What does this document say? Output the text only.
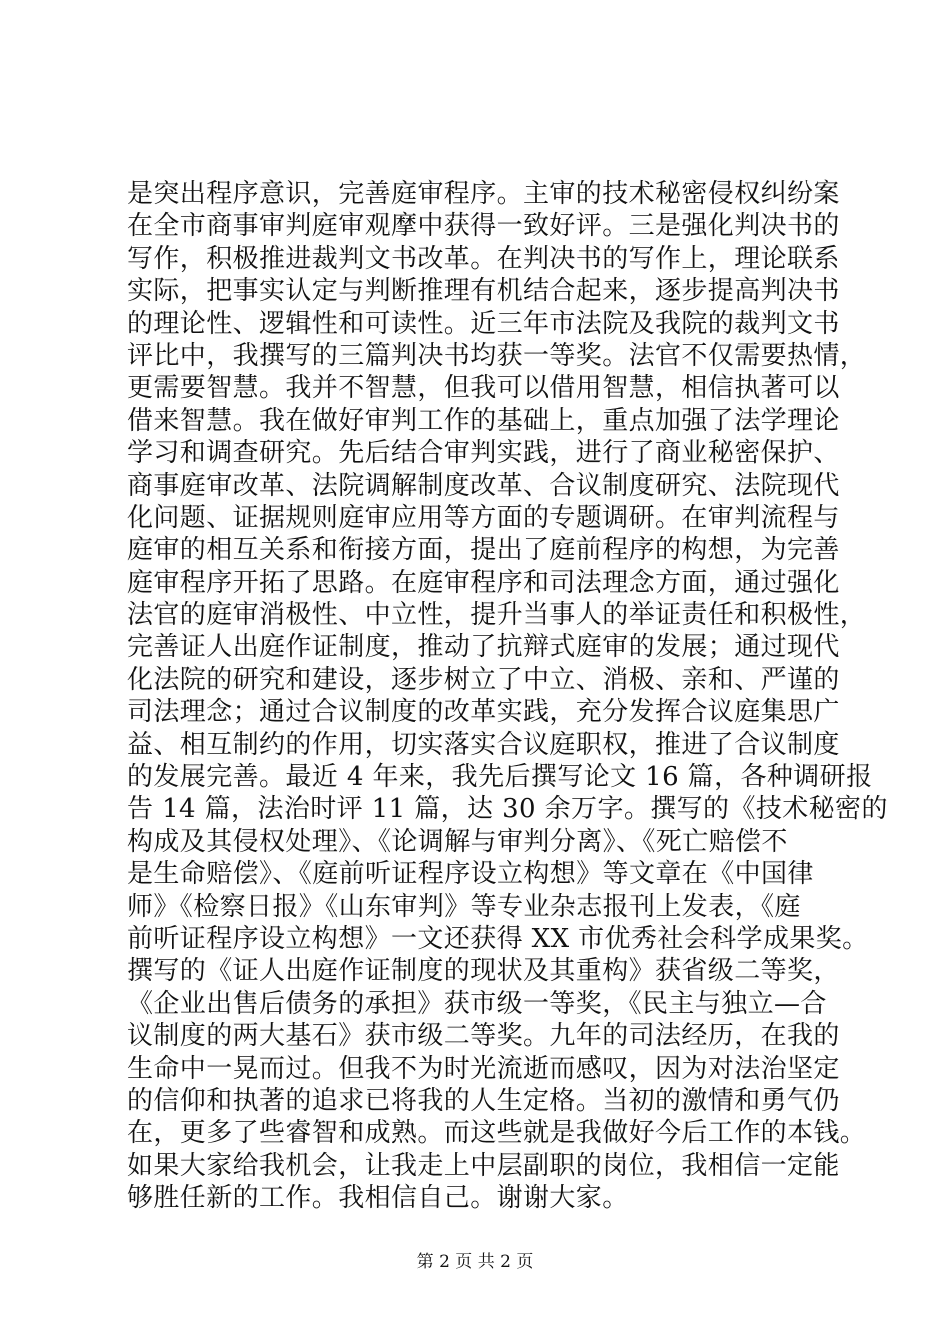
是突出程序意识，完善庭审程序。主审的技术秘密侵权纠纷案
在全市商事审判庭审观摩中获得一致好评。三是强化判决书的
写作，积极推进裁判文书改革。在判决书的写作上，理论联系
实际，把事实认定与判断推理有机结合起来，逐步提高判决书
的理论性、逻辑性和可读性。近三年市法院及我院的裁判文书
评比中，我撰写的三篇判决书均获一等奖。法官不仅需要热情，
更需要智慧。我并不智慧，但我可以借用智慧，相信执著可以
借来智慧。我在做好审判工作的基础上，重点加强了法学理论
学习和调查研究。先后结合审判实践，进行了商业秘密保护、
商事庭审改革、法院调解制度改革、合议制度研究、法院现代
化问题、证据规则庭审应用等方面的专题调研。在审判流程与
庭审的相互关系和衔接方面，提出了庭前程序的构想，为完善
庭审程序开拓了思路。在庭审程序和司法理念方面，通过强化
法官的庭审消极性、中立性，提升当事人的举证责任和积极性，
完善证人出庭作证制度，推动了抗辩式庭审的发展；通过现代
化法院的研究和建设，逐步树立了中立、消极、亲和、严谨的
司法理念；通过合议制度的改革实践，充分发挥合议庭集思广
益、相互制约的作用，切实落实合议庭职权，推进了合议制度
的发展完善。最近 4 年来，我先后撰写论文 16 篇，各种调研报
告 14 篇，法治时评 11 篇，达 30 余万字。撰写的《技术秘密的
构成及其侵权处理》、《论调解与审判分离》、《死亡赔偿不
是生命赔偿》、《庭前听证程序设立构想》等文章在《中国律
师》《检察日报》《山东审判》等专业杂志报刊上发表，《庭
前听证程序设立构想》一文还获得 XX 市优秀社会科学成果奖。
撰写的《证人出庭作证制度的现状及其重构》获省级二等奖，
《企业出售后债务的承担》获市级一等奖，《民主与独立—合
议制度的两大基石》获市级二等奖。九年的司法经历，在我的
生命中一晃而过。但我不为时光流逝而感叹，因为对法治坚定
的信仰和执著的追求已将我的人生定格。当初的激情和勇气仍
在，更多了些睿智和成熟。而这些就是我做好今后工作的本钱。
如果大家给我机会，让我走上中层副职的岗位，我相信一定能
够胜任新的工作。我相信自己。谢谢大家。
第 2 页 共 2 页
